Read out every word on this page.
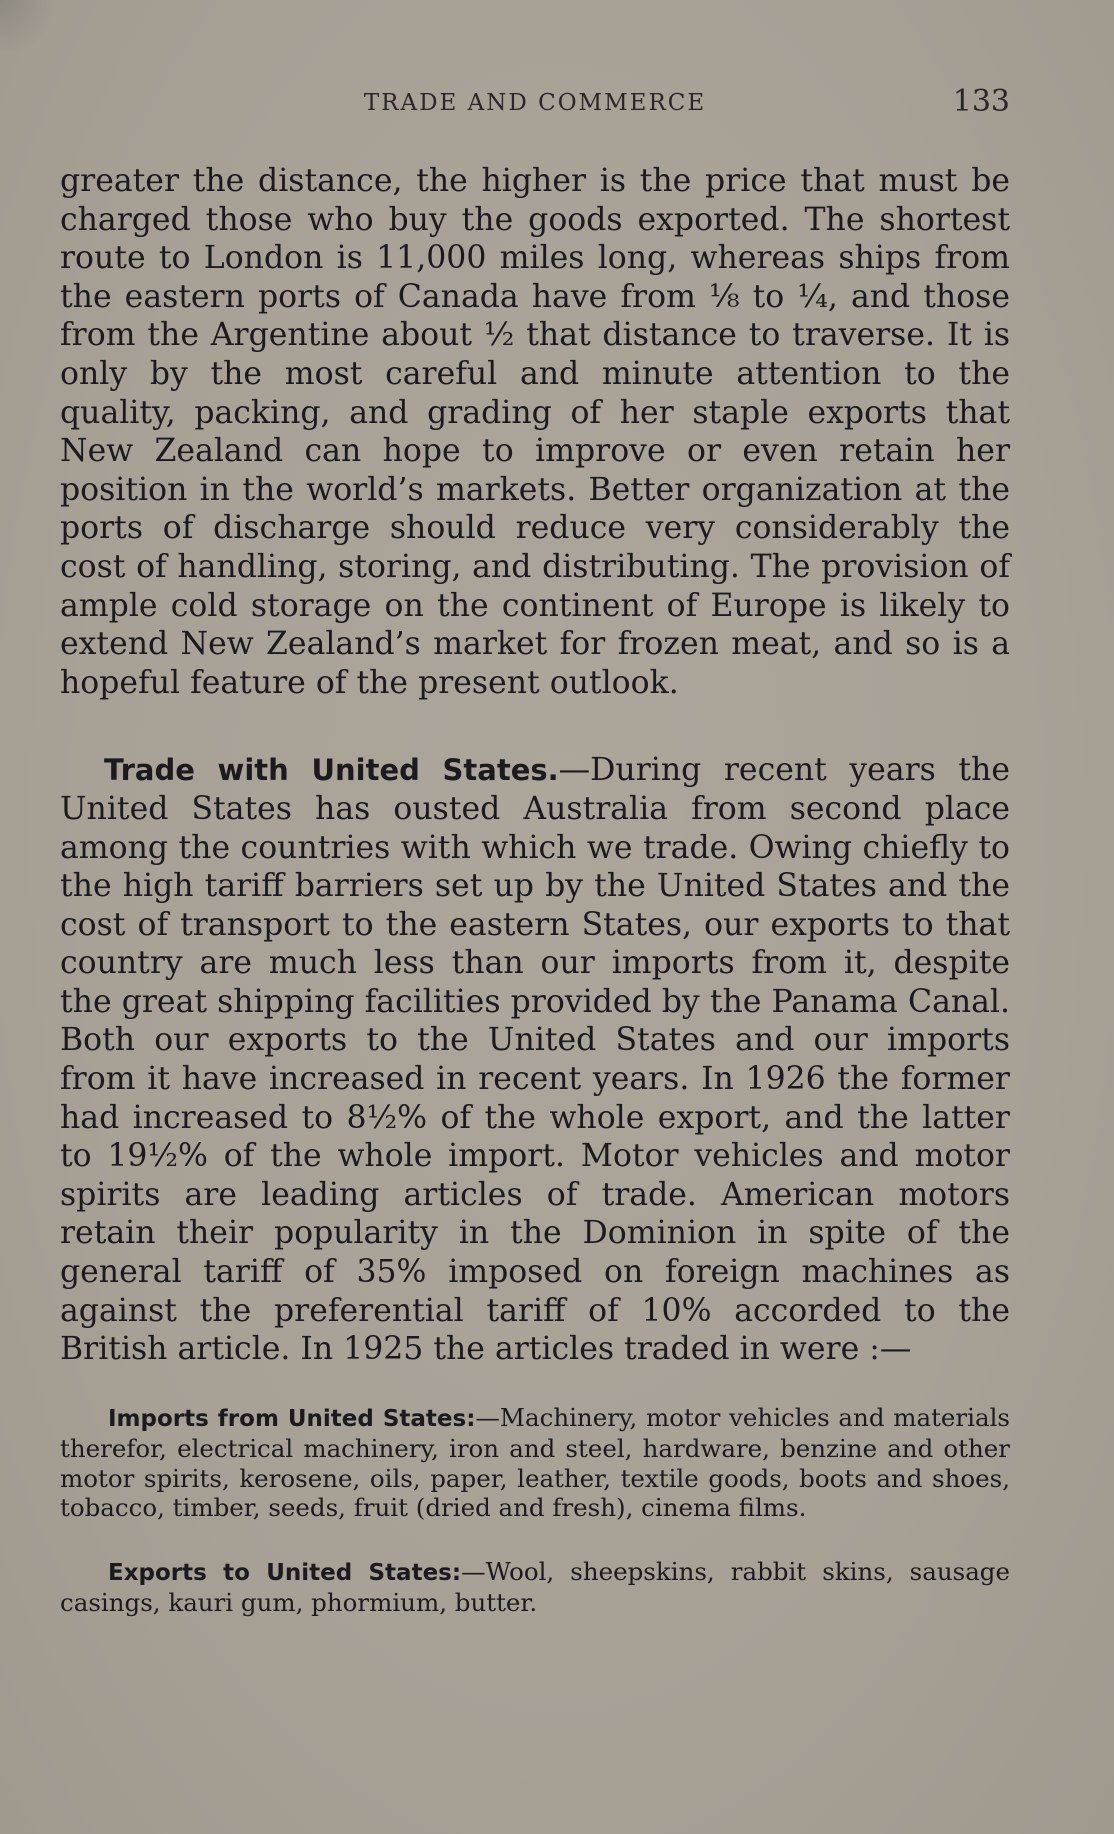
TRADE AND COMMERCE	133

greater the distance, the higher is the price that must be charged those who buy the goods exported. The shortest route to London is 11,000 miles long, whereas ships from the eastern ports of Canada have from ⅛ to ¼, and those from the Argentine about ½ that distance to traverse. It is only by the most careful and minute attention to the quality, packing, and grading of her staple exports that New Zealand can hope to improve or even retain her position in the world’s markets. Better organization at the ports of discharge should reduce very considerably the cost of handling, storing, and distributing. The provision of ample cold storage on the continent of Europe is likely to extend New Zealand’s market for frozen meat, and so is a hopeful feature of the present outlook.

Trade with United States.—During recent years the United States has ousted Australia from second place among the countries with which we trade. Owing chiefly to the high tariff barriers set up by the United States and the cost of transport to the eastern States, our exports to that country are much less than our imports from it, despite the great shipping facilities provided by the Panama Canal. Both our exports to the United States and our imports from it have increased in recent years. In 1926 the former had increased to 8½% of the whole export, and the latter to 19½% of the whole import. Motor vehicles and motor spirits are leading articles of trade. American motors retain their popularity in the Dominion in spite of the general tariff of 35% imposed on foreign machines as against the preferential tariff of 10% accorded to the British article. In 1925 the articles traded in were :—

Imports from United States:—Machinery, motor vehicles and materials therefor, electrical machinery, iron and steel, hardware, benzine and other motor spirits, kerosene, oils, paper, leather, textile goods, boots and shoes, tobacco, timber, seeds, fruit (dried and fresh), cinema films.

Exports to United States:—Wool, sheepskins, rabbit skins, sausage casings, kauri gum, phormium, butter.
